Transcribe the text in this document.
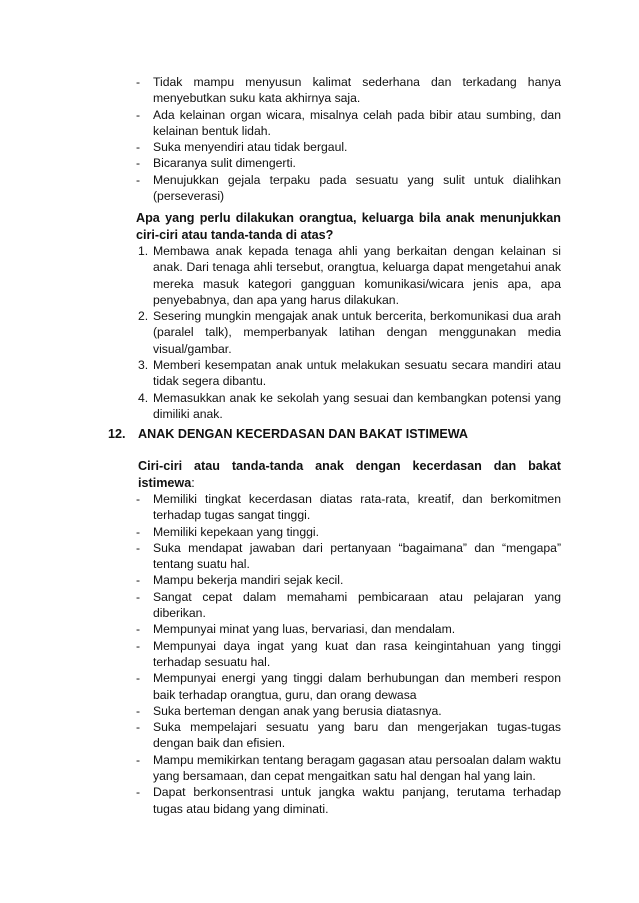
- Tidak mampu menyusun kalimat sederhana dan terkadang hanya menyebutkan suku kata akhirnya saja.
- Ada kelainan organ wicara, misalnya celah pada bibir atau sumbing, dan kelainan bentuk lidah.
- Suka menyendiri atau tidak bergaul.
- Bicaranya sulit dimengerti.
- Menujukkan gejala terpaku pada sesuatu yang sulit untuk dialihkan (perseverasi)

Apa yang perlu dilakukan orangtua, keluarga bila anak menunjukkan ciri-ciri atau tanda-tanda di atas?

1. Membawa anak kepada tenaga ahli yang berkaitan dengan kelainan si anak. Dari tenaga ahli tersebut, orangtua, keluarga dapat mengetahui anak mereka masuk kategori gangguan komunikasi/wicara jenis apa, apa penyebabnya, dan apa yang harus dilakukan.
2. Sesering mungkin mengajak anak untuk bercerita, berkomunikasi dua arah (paralel talk), memperbanyak latihan dengan menggunakan media visual/gambar.
3. Memberi kesempatan anak untuk melakukan sesuatu secara mandiri atau tidak segera dibantu.
4. Memasukkan anak ke sekolah yang sesuai dan kembangkan potensi yang dimiliki anak.
12. ANAK DENGAN KECERDASAN DAN BAKAT ISTIMEWA

Ciri-ciri atau tanda-tanda anak dengan kecerdasan dan bakat istimewa:

- Memiliki tingkat kecerdasan diatas rata-rata, kreatif, dan berkomitmen terhadap tugas sangat tinggi.
- Memiliki kepekaan yang tinggi.
- Suka mendapat jawaban dari pertanyaan “bagaimana” dan “mengapa” tentang suatu hal.
- Mampu bekerja mandiri sejak kecil.
- Sangat cepat dalam memahami pembicaraan atau pelajaran yang diberikan.
- Mempunyai minat yang luas, bervariasi, dan mendalam.
- Mempunyai daya ingat yang kuat dan rasa keingintahuan yang tinggi terhadap sesuatu hal.
- Mempunyai energi yang tinggi dalam berhubungan dan memberi respon baik terhadap orangtua, guru, dan orang dewasa
- Suka berteman dengan anak yang berusia diatasnya.
- Suka mempelajari sesuatu yang baru dan mengerjakan tugas-tugas dengan baik dan efisien.
- Mampu memikirkan tentang beragam gagasan atau persoalan dalam waktu yang bersamaan, dan cepat mengaitkan satu hal dengan hal yang lain.
- Dapat berkonsentrasi untuk jangka waktu panjang, terutama terhadap tugas atau bidang yang diminati.
